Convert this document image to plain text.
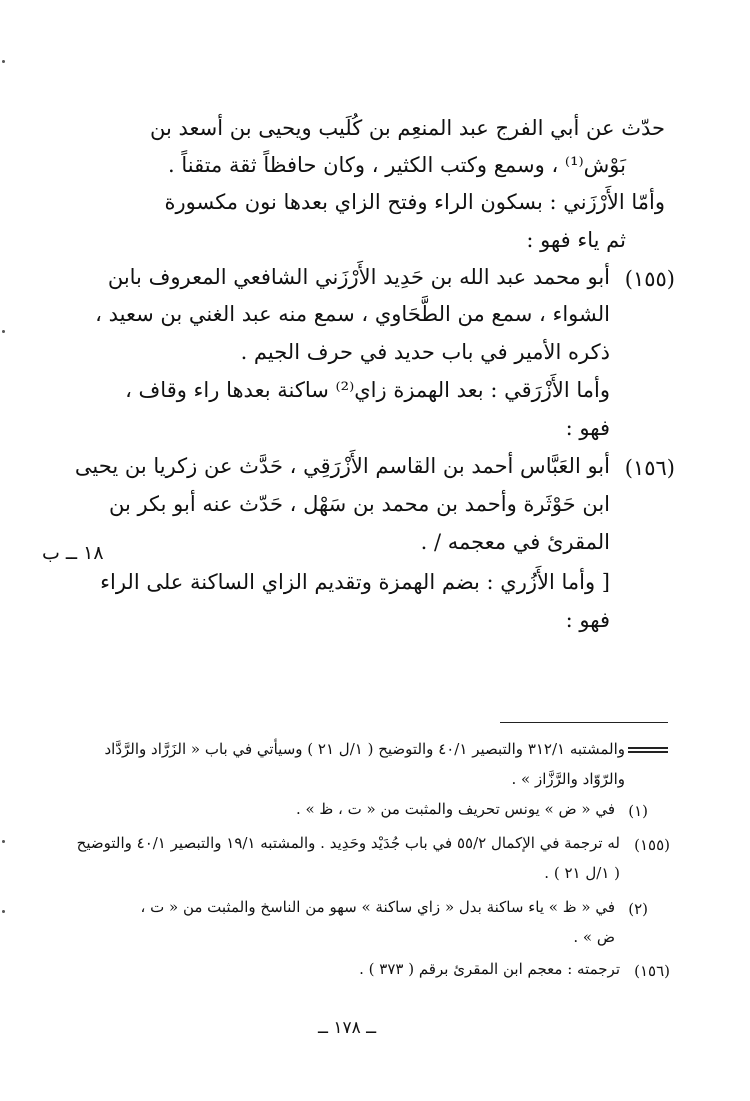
حدّث عن أبي الفرج عبد المنعِم بن كُلَيب ويحيى بن أسعد بن
بَوْش⁽¹⁾ ، وسمع وكتب الكثير ، وكان حافظاً ثقة متقناً .
وأمّا الأَرْزَني : بسكون الراء وفتح الزاي بعدها نون مكسورة
ثم ياء فهو :
(١٥٥)
أبو محمد عبد الله بن حَدِيد الأَرْزَني الشافعي المعروف بابن
الشواء ، سمع من الطَّحَاوي ، سمع منه عبد الغني بن سعيد ،
ذكره الأمير في باب حديد في حرف الجيم .
وأما الأَزْرَقي : بعد الهمزة زاي⁽²⁾ ساكنة بعدها راء وقاف ،
فهو :
(١٥٦)
أبو العَبَّاس أحمد بن القاسم الأَزْرَقِي ، حَدَّث عن زكريا بن يحيى
ابن حَوْثَرة وأحمد بن محمد بن سَهْل ، حَدّث عنه أبو بكر بن
المقرئ في معجمه / .
١٨ ــ ب
[ وأما الأَزُري : بضم الهمزة وتقديم الزاي الساكنة على الراء
فهو :
والمشتبه ٣١٢/١ والتبصير ٤٠/١ والتوضيح ( ١/ل ٢١ ) وسيأتي في باب « الزَرَّاد والرَّدَّاد
والرّوّاد والرَّزَّاز » .
(١)
في « ض » يونس تحريف والمثبت من « ت ، ظ » .
(١٥٥)
له ترجمة في الإكمال ٥٥/٢ في باب جُدَيْد وحَدِيد . والمشتبه ١٩/١ والتبصير ٤٠/١ والتوضيح
( ١/ل ٢١ ) .
(٢)
في « ظ » ياء ساكنة بدل « زاي ساكنة » سهو من الناسخ والمثبت من « ت ،
ض » .
(١٥٦)
ترجمته : معجم ابن المقرئ برقم ( ٣٧٣ ) .
ــ ١٧٨ ــ
